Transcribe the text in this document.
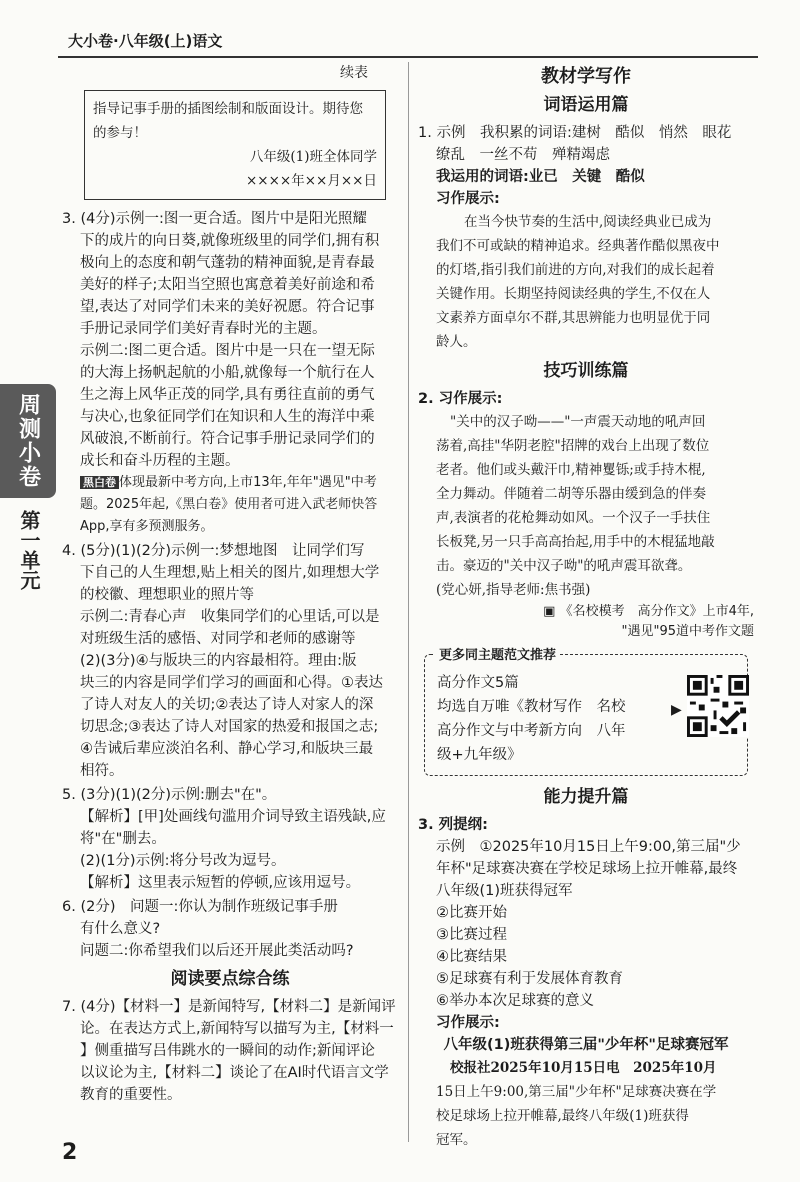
大小卷·八年级(上)语文
周测小卷
第一单元
续表
指导记事手册的插图绘制和版面设计。期待您
的参与！
八年级(1)班全体同学
××××年××月××日
3. (4分)示例一:图一更合适。图片中是阳光照耀
下的成片的向日葵,就像班级里的同学们,拥有积
极向上的态度和朝气蓬勃的精神面貌,是青春最
美好的样子;太阳当空照也寓意着美好前途和希
望,表达了对同学们未来的美好祝愿。符合记事
手册记录同学们美好青春时光的主题。
示例二:图二更合适。图片中是一只在一望无际
的大海上扬帆起航的小船,就像每一个航行在人
生之海上风华正茂的同学,具有勇往直前的勇气
与决心,也象征同学们在知识和人生的海洋中乘
风破浪,不断前行。符合记事手册记录同学们的
成长和奋斗历程的主题。
黑白卷 体现最新中考方向,上市13年,年年"遇见"中考
题。2025年起,《黑白卷》使用者可进入武老师快答
App,享有多预测服务。
4. (5分)(1)(2分)示例一:梦想地图　让同学们写
下自己的人生理想,贴上相关的图片,如理想大学
的校徽、理想职业的照片等
示例二:青春心声　收集同学们的心里话,可以是
对班级生活的感悟、对同学和老师的感谢等
(2)(3分)④与版块三的内容最相符。理由:版
块三的内容是同学们学习的画面和心得。①表达
了诗人对友人的关切;②表达了诗人对家人的深
切思念;③表达了诗人对国家的热爱和报国之志;
④告诫后辈应淡泊名利、静心学习,和版块三最
相符。
5. (3分)(1)(2分)示例:删去"在"。
【解析】[甲]处画线句滥用介词导致主语残缺,应
将"在"删去。
(2)(1分)示例:将分号改为逗号。
【解析】这里表示短暂的停顿,应该用逗号。
6. (2分)　问题一:你认为制作班级记事手册
有什么意义?
问题二:你希望我们以后还开展此类活动吗?
阅读要点综合练
7. (4分)【材料一】是新闻特写,【材料二】是新闻评
论。在表达方式上,新闻特写以描写为主,【材料一
】侧重描写吕伟跳水的一瞬间的动作;新闻评论
以议论为主,【材料二】谈论了在AI时代语言文学
教育的重要性。
教材学写作
词语运用篇
1. 示例　我积累的词语:建树　酷似　悄然　眼花
缭乱　一丝不苟　殚精竭虑
我运用的词语:业已　关键　酷似
习作展示:
在当今快节奏的生活中,阅读经典业已成为
我们不可或缺的精神追求。经典著作酷似黑夜中
的灯塔,指引我们前进的方向,对我们的成长起着
关键作用。长期坚持阅读经典的学生,不仅在人
文素养方面卓尔不群,其思辨能力也明显优于同
龄人。
技巧训练篇
2. 习作展示:
"关中的汉子呦——"一声震天动地的吼声回
荡着,高挂"华阴老腔"招牌的戏台上出现了数位
老者。他们或头戴汗巾,精神矍铄;或手持木棍,
全力舞动。伴随着二胡等乐器由缓到急的伴奏
声,表演者的花枪舞动如风。一个汉子一手扶住
长板凳,另一只手高高抬起,用手中的木棍猛地敲
击。豪迈的"关中汉子呦"的吼声震耳欲聋。
(党心妍,指导老师:焦书强)
▣ 《名校模考　高分作文》上市4年,
"遇见"95道中考作文题
更多同主题范文推荐
高分作文5篇
均选自万唯《教材写作　名校
高分作文与中考新方向　八年
级+九年级》
▶
能力提升篇
3. 列提纲:
示例　①2025年10月15日上午9:00,第三届"少
年杯"足球赛决赛在学校足球场上拉开帷幕,最终
八年级(1)班获得冠军
②比赛开始
③比赛过程
④比赛结果
⑤足球赛有利于发展体育教育
⑥举办本次足球赛的意义
习作展示:
八年级(1)班获得第三届"少年杯"足球赛冠军
校报社2025年10月15日电　2025年10月
15日上午9:00,第三届"少年杯"足球赛决赛在学
校足球场上拉开帷幕,最终八年级(1)班获得
冠军。
2
